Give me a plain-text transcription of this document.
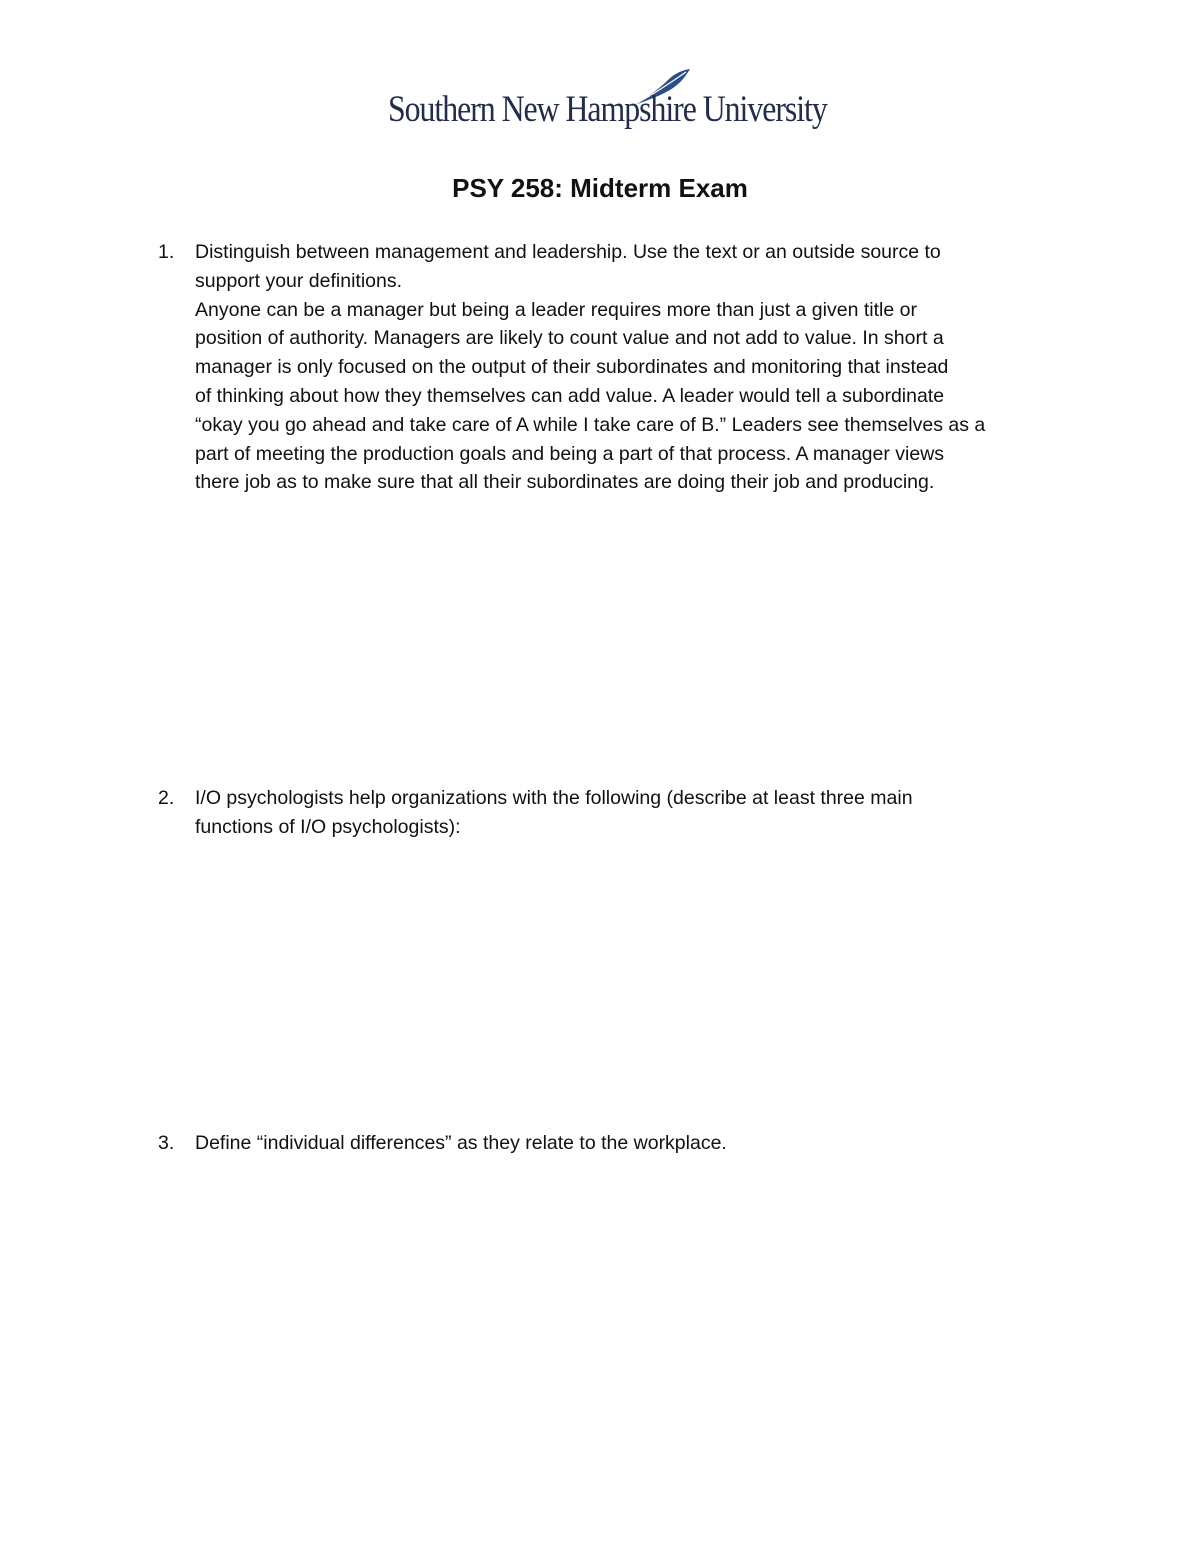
Southern New Hampshire University
PSY 258: Midterm Exam
1.	Distinguish between management and leadership. Use the text or an outside source to
support your definitions.
Anyone can be a manager but being a leader requires more than just a given title or
position of authority. Managers are likely to count value and not add to value. In short a
manager is only focused on the output of their subordinates and monitoring that instead
of thinking about how they themselves can add value. A leader would tell a subordinate
“okay you go ahead and take care of A while I take care of B.” Leaders see themselves as a
part of meeting the production goals and being a part of that process. A manager views
there job as to make sure that all their subordinates are doing their job and producing.
2.	I/O psychologists help organizations with the following (describe at least three main
functions of I/O psychologists):
3.	Define “individual differences” as they relate to the workplace.
